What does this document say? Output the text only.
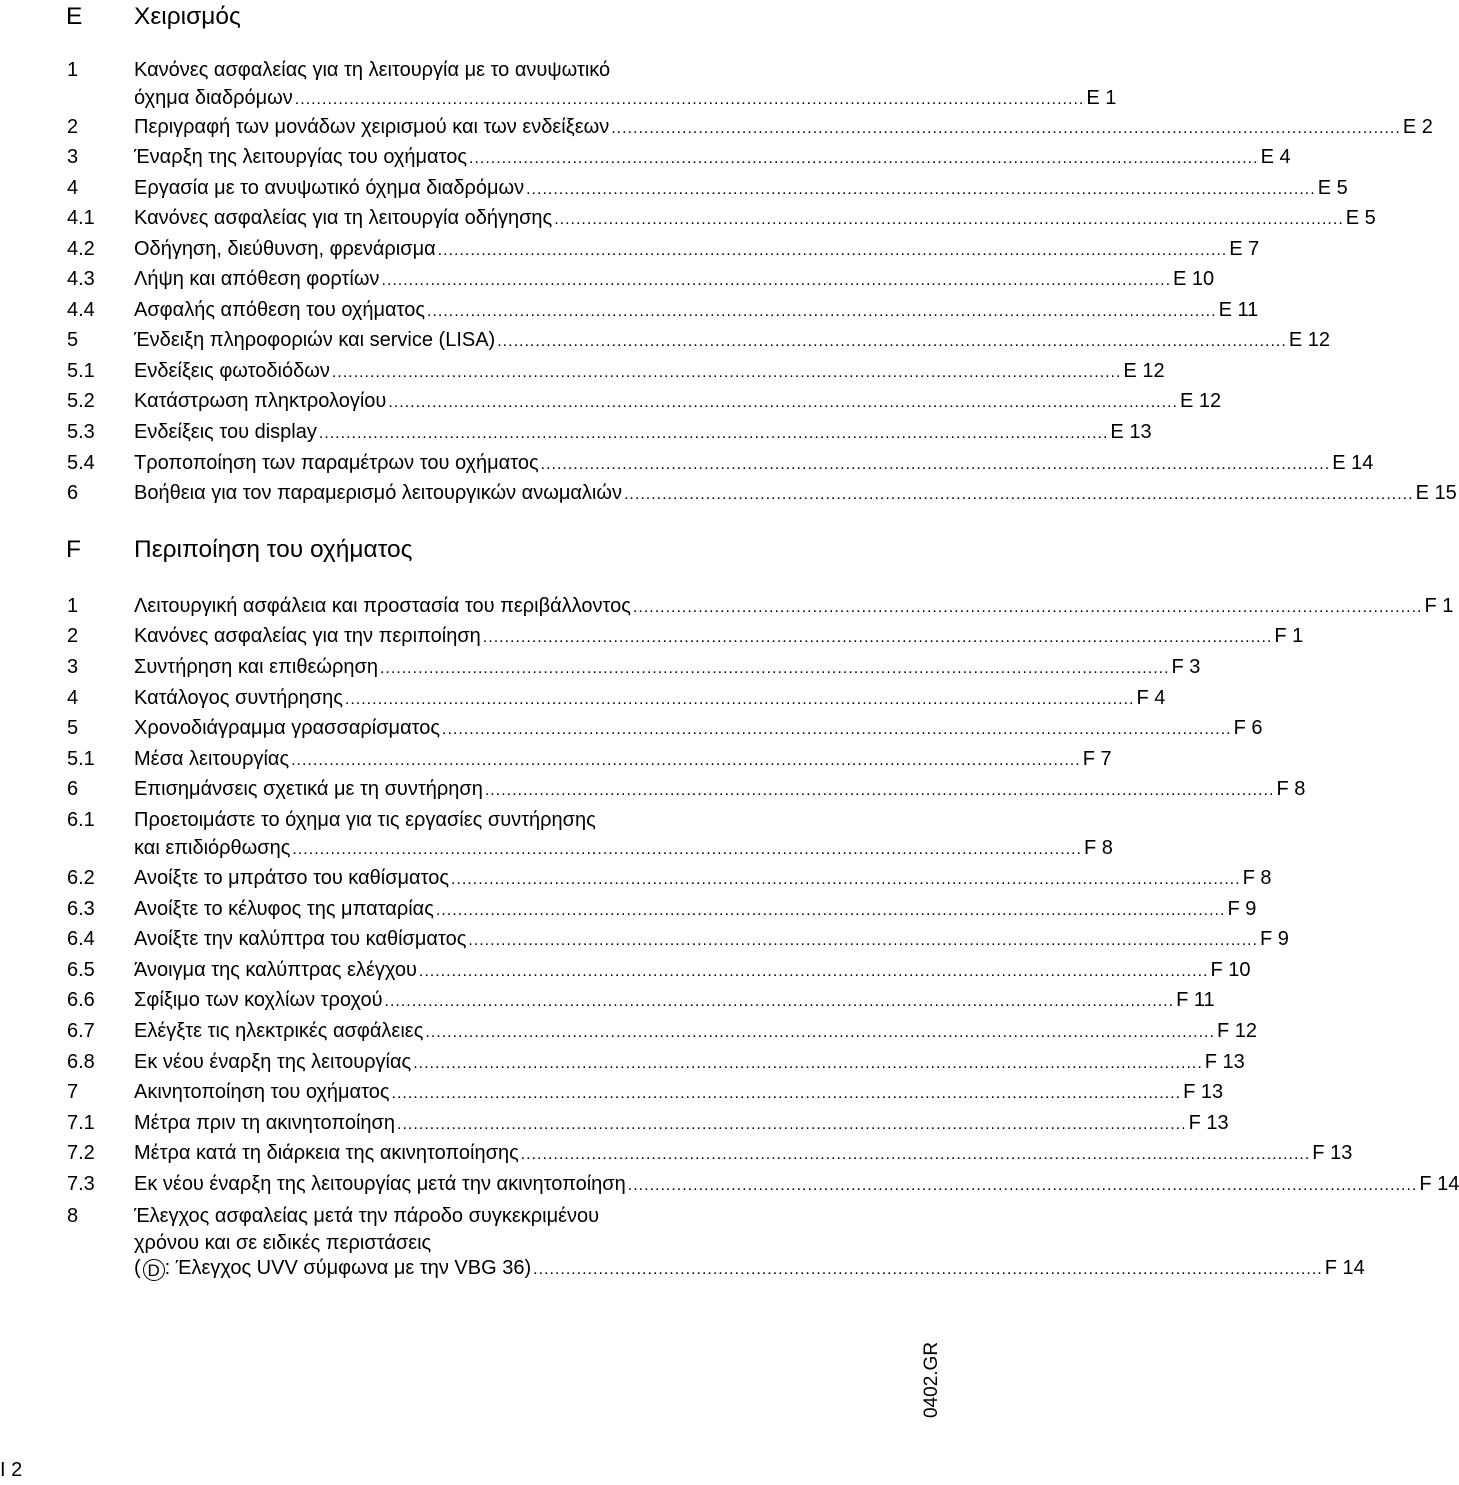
E Χειρισμός
1	Κανόνες ασφαλείας για τη λειτουργία με το ανυψωτικό
όχημα διαδρόμων ................................................................................................................................................. E 1
2	Περιγραφή των μονάδων χειρισμού και των ενδείξεων ................................................................................................................................................. E 2
3	Έναρξη της λειτουργίας του οχήματος ................................................................................................................................................. E 4
4	Εργασία με το ανυψωτικό όχημα διαδρόμων ................................................................................................................................................. E 5
4.1 Κανόνες ασφαλείας για τη λειτουργία οδήγησης ................................................................................................................................................. E 5
4.2 Οδήγηση, διεύθυνση, φρενάρισμα ................................................................................................................................................. E 7
4.3 Λήψη και απόθεση φορτίων ................................................................................................................................................. E 10
4.4 Ασφαλής απόθεση του οχήματος ................................................................................................................................................. E 11
5	Ένδειξη πληροφοριών και service (LISA) ................................................................................................................................................. E 12
5.1 Ενδείξεις φωτοδιόδων ................................................................................................................................................. E 12
5.2 Κατάστρωση πληκτρολογίου ................................................................................................................................................. E 12
5.3 Ενδείξεις του display ................................................................................................................................................. E 13
5.4 Τροποποίηση των παραμέτρων του οχήματος ................................................................................................................................................. E 14
6	Βοήθεια για τον παραμερισμό λειτουργικών ανωμαλιών ................................................................................................................................................. E 15
F Περιποίηση του οχήματος
1	Λειτουργική ασφάλεια και προστασία του περιβάλλοντος ................................................................................................................................................. F 1
2	Κανόνες ασφαλείας για την περιποίηση ................................................................................................................................................. F 1
3	Συντήρηση και επιθεώρηση ................................................................................................................................................. F 3
4	Κατάλογος συντήρησης ................................................................................................................................................. F 4
5	Χρονοδιάγραμμα γρασσαρίσματος ................................................................................................................................................. F 6
5.1 Μέσα λειτουργίας ................................................................................................................................................. F 7
6	Επισημάνσεις σχετικά με τη συντήρηση ................................................................................................................................................. F 8
6.1 Προετοιμάστε το όχημα για τις εργασίες συντήρησης
και επιδιόρθωσης ................................................................................................................................................. F 8
6.2 Ανοίξτε το μπράτσο του καθίσματος ................................................................................................................................................. F 8
6.3 Ανοίξτε το κέλυφος της μπαταρίας ................................................................................................................................................. F 9
6.4 Ανοίξτε την καλύπτρα του καθίσματος ................................................................................................................................................. F 9
6.5 Άνοιγμα της καλύπτρας ελέγχου ................................................................................................................................................. F 10
6.6 Σφίξιμο των κοχλίων τροχού ................................................................................................................................................. F 11
6.7 Ελέγξτε τις ηλεκτρικές ασφάλειες ................................................................................................................................................. F 12
6.8 Εκ νέου έναρξη της λειτουργίας ................................................................................................................................................. F 13
7	Ακινητοποίηση του οχήματος ................................................................................................................................................. F 13
7.1 Μέτρα πριν τη ακινητοποίηση ................................................................................................................................................. F 13
7.2 Μέτρα κατά τη διάρκεια της ακινητοποίησης ................................................................................................................................................. F 13
7.3 Εκ νέου έναρξη της λειτουργίας μετά την ακινητοποίηση ................................................................................................................................................. F 14
8	Έλεγχος ασφαλείας μετά την πάροδο συγκεκριμένου
χρόνου και σε ειδικές περιστάσεις
( D : Έλεγχος UVV σύμφωνα με την VBG 36) ................................................................................................................................................. F 14
0402.GR
I 2
